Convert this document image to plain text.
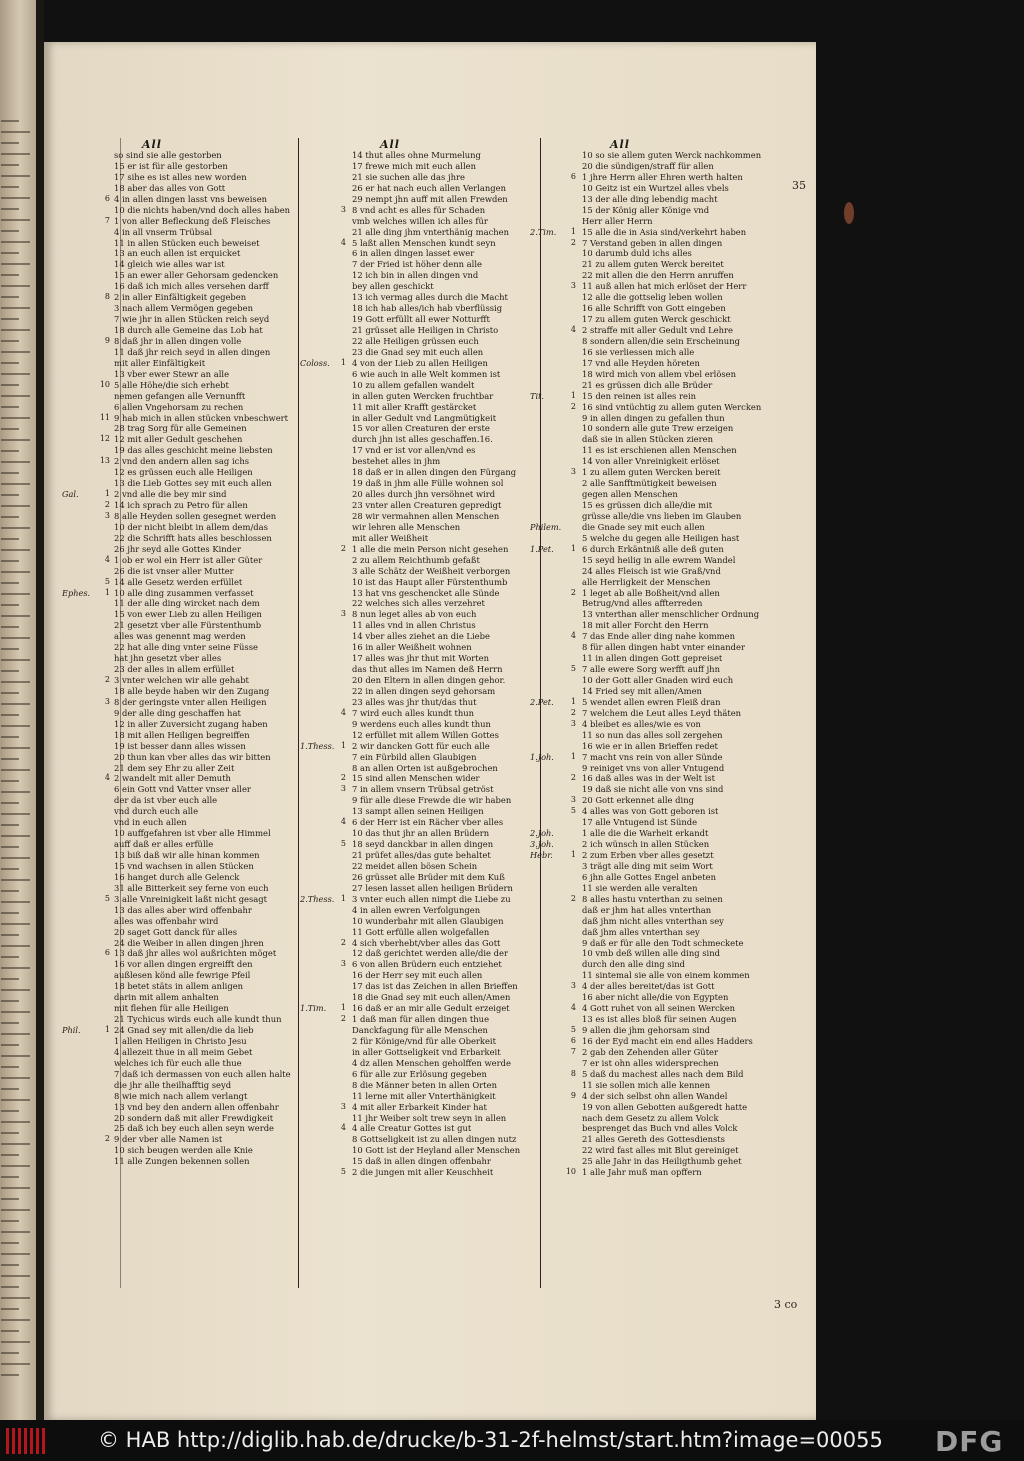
35
3 co
All
so sind sie alle gestorben
15 er ist für alle gestorben
17 sihe es ist alles new worden
18 aber das alles von Gott
6 4 in allen dingen lasst vns beweisen
10 die nichts haben/vnd doch alles haben
7 1 von aller Befleckung deß Fleisches
4 in all vnserm Trübsal
11 in allen Stücken euch beweiset
13 an euch allen ist erquicket
14 gleich wie alles war ist
15 an ewer aller Gehorsam gedencken
16 daß ich mich alles versehen darff
8 2 in aller Einfältigkeit gegeben
3 nach allem Vermögen gegeben
7 wie jhr in allen Stücken reich seyd
18 durch alle Gemeine das Lob hat
9 8 daß jhr in allen dingen volle
11 daß jhr reich seyd in allen dingen
mit aller Einfältigkeit
13 vber ewer Stewr an alle
10 5 alle Höhe/die sich erhebt
nemen gefangen alle Vernunfft
6 allen Vngehorsam zu rechen
11 9 hab mich in allen stücken vnbeschwert
28 trag Sorg für alle Gemeinen
12 12 mit aller Gedult geschehen
19 das alles geschicht meine liebsten
13 2 vnd den andern allen sag ichs
12 es grüssen euch alle Heiligen
13 die Lieb Gottes sey mit euch allen
Gal.	1 2 vnd alle die bey mir sind
2 14 ich sprach zu Petro für allen
3 8 alle Heyden sollen gesegnet werden
10 der nicht bleibt in allem dem/das
22 die Schrifft hats alles beschlossen
26 jhr seyd alle Gottes Kinder
4 1 ob er wol ein Herr ist aller Güter
26 die ist vnser aller Mutter
5 14 alle Gesetz werden erfüllet
Ephes.	1 10 alle ding zusammen verfasset
11 der alle ding wircket nach dem
15 von ewer Lieb zu allen Heiligen
21 gesetzt vber alle Fürstenthumb
alles was genennt mag werden
22 hat alle ding vnter seine Füsse
hat jhn gesetzt vber alles
23 der alles in allem erfüllet
2 3 vnter welchen wir alle gehabt
18 alle beyde haben wir den Zugang
3 8 der geringste vnter allen Heiligen
9 der alle ding geschaffen hat
12 in aller Zuversicht zugang haben
18 mit allen Heiligen begreiffen
19 ist besser dann alles wissen
20 thun kan vber alles das wir bitten
21 dem sey Ehr zu aller Zeit
4 2 wandelt mit aller Demuth
6 ein Gott vnd Vatter vnser aller
der da ist vber euch alle
vnd durch euch alle
vnd in euch allen
10 auffgefahren ist vber alle Himmel
auff daß er alles erfülle
13 biß daß wir alle hinan kommen
15 vnd wachsen in allen Stücken
16 hanget durch alle Gelenck
31 alle Bitterkeit sey ferne von euch
5 3 alle Vnreinigkeit laßt nicht gesagt
13 das alles aber wird offenbahr
alles was offenbahr wird
20 saget Gott danck für alles
24 die Weiber in allen dingen jhren
6 13 daß jhr alles wol außrichten möget
16 vor allen dingen ergreifft den
außlesen könd alle fewrige Pfeil
18 betet stäts in allem anligen
darin mit allem anhalten
mit flehen für alle Heiligen
21 Tychicus wirds euch alle kundt thun
Phil.	1 24 Gnad sey mit allen/die da lieb
1 allen Heiligen in Christo Jesu
4 allezeit thue in all meim Gebet
welches ich für euch alle thue
7 daß ich dermassen von euch allen halte
die jhr alle theilhafftig seyd
8 wie mich nach allem verlangt
13 vnd bey den andern allen offenbahr
20 sondern daß mit aller Frewdigkeit
25 daß ich bey euch allen seyn werde
2 9 der vber alle Namen ist
10 sich beugen werden alle Knie
11 alle Zungen bekennen sollen
All
14 thut alles ohne Murmelung
17 frewe mich mit euch allen
21 sie suchen alle das jhre
26 er hat nach euch allen Verlangen
29 nempt jhn auff mit allen Frewden
3 8 vnd acht es alles für Schaden
vmb welches willen ich alles für
21 alle ding jhm vnterthänig machen
4 5 laßt allen Menschen kundt seyn
6 in allen dingen lasset ewer
7 der Fried ist höher denn alle
12 ich bin in allen dingen vnd
bey allen geschickt
13 ich vermag alles durch die Macht
18 ich hab alles/ich hab vberflüssig
19 Gott erfüllt all ewer Notturfft
21 grüsset alle Heiligen in Christo
22 alle Heiligen grüssen euch
23 die Gnad sey mit euch allen
Coloss.	1 4 von der Lieb zu allen Heiligen
6 wie auch in alle Welt kommen ist
10 zu allem gefallen wandelt
in allen guten Wercken fruchtbar
11 mit aller Krafft gestärcket
in aller Gedult vnd Langmütigkeit
15 vor allen Creaturen der erste
durch jhn ist alles geschaffen.16.
17 vnd er ist vor allen/vnd es
bestehet alles in jhm
18 daß er in allen dingen den Fürgang
19 daß in jhm alle Fülle wohnen sol
20 alles durch jhn versöhnet wird
23 vnter allen Creaturen gepredigt
28 wir vermahnen allen Menschen
wir lehren alle Menschen
mit aller Weißheit
2 1 alle die mein Person nicht gesehen
2 zu allem Reichthumb gefaßt
3 alle Schätz der Weißheit verborgen
10 ist das Haupt aller Fürstenthumb
13 hat vns geschencket alle Sünde
22 welches sich alles verzehret
3 8 nun leget alles ab von euch
11 alles vnd in allen Christus
14 vber alles ziehet an die Liebe
16 in aller Weißheit wohnen
17 alles was jhr thut mit Worten
das thut alles im Namen deß Herrn
20 den Eltern in allen dingen gehor.
22 in allen dingen seyd gehorsam
23 alles was jhr thut/das thut
4 7 wird euch alles kundt thun
9 werdens euch alles kundt thun
12 erfüllet mit allem Willen Gottes
1.Thess. 1 2 wir dancken Gott für euch alle
7 ein Fürbild allen Glaubigen
8 an allen Orten ist außgebrochen
2 15 sind allen Menschen wider
3 7 in allem vnsern Trübsal getröst
9 für alle diese Frewde die wir haben
13 sampt allen seinen Heiligen
4 6 der Herr ist ein Rächer vber alles
10 das thut jhr an allen Brüdern
5 18 seyd danckbar in allen dingen
21 prüfet alles/das gute behaltet
22 meidet allen bösen Schein
26 grüsset alle Brüder mit dem Kuß
27 lesen lasset allen heiligen Brüdern
2.Thess. 1 3 vnter euch allen nimpt die Liebe zu
4 in allen ewren Verfolgungen
10 wunderbahr mit allen Glaubigen
11 Gott erfülle allen wolgefallen
2 4 sich vberhebt/vber alles das Gott
12 daß gerichtet werden alle/die der
3 6 von allen Brüdern euch entziehet
16 der Herr sey mit euch allen
17 das ist das Zeichen in allen Brieffen
18 die Gnad sey mit euch allen/Amen
1.Tim.	1 16 daß er an mir alle Gedult erzeiget
2 1 daß man für allen dingen thue
Danckfagung für alle Menschen
2 für Könige/vnd für alle Oberkeit
in aller Gottseligkeit vnd Erbarkeit
4 dz allen Menschen geholffen werde
6 für alle zur Erlösung gegeben
8 die Männer beten in allen Orten
11 lerne mit aller Vnterthänigkeit
3 4 mit aller Erbarkeit Kinder hat
11 jhr Weiber solt trew seyn in allen
4 4 alle Creatur Gottes ist gut
8 Gottseligkeit ist zu allen dingen nutz
10 Gott ist der Heyland aller Menschen
15 daß in allen dingen offenbahr
5 2 die jungen mit aller Keuschheit
All
10 so sie allem guten Werck nachkommen
20 die sündigen/straff für allen
6 1 jhre Herrn aller Ehren werth halten
10 Geitz ist ein Wurtzel alles vbels
13 der alle ding lebendig macht
15 der König aller Könige vnd
Herr aller Herrn
2.Tim.	1 15 alle die in Asia sind/verkehrt haben
2 7 Verstand geben in allen dingen
10 darumb duld ichs alles
21 zu allem guten Werck bereitet
22 mit allen die den Herrn anruffen
3 11 auß allen hat mich erlöset der Herr
12 alle die gottselig leben wollen
16 alle Schrifft von Gott eingeben
17 zu allem guten Werck geschickt
4 2 straffe mit aller Gedult vnd Lehre
8 sondern allen/die sein Erscheinung
16 sie verliessen mich alle
17 vnd alle Heyden höreten
18 wird mich von allem vbel erlösen
21 es grüssen dich alle Brüder
Tit.	1 15 den reinen ist alles rein
2 16 sind vntüchtig zu allem guten Wercken
9 in allen dingen zu gefallen thun
10 sondern alle gute Trew erzeigen
daß sie in allen Stücken zieren
11 es ist erschienen allen Menschen
14 von aller Vnreinigkeit erlöset
3 1 zu allem guten Wercken bereit
2 alle Sanfftmütigkeit beweisen
gegen allen Menschen
15 es grüssen dich alle/die mit
grüsse alle/die vns lieben im Glauben
Philem.	die Gnade sey mit euch allen
5 welche du gegen alle Heiligen hast
1.Pet.	1 6 durch Erkäntniß alle deß guten
15 seyd heilig in alle ewrem Wandel
24 alles Fleisch ist wie Graß/vnd
alle Herrligkeit der Menschen
2 1 leget ab alle Boßheit/vnd allen
Betrug/vnd alles affterreden
13 vnterthan aller menschlicher Ordnung
18 mit aller Forcht den Herrn
4 7 das Ende aller ding nahe kommen
8 für allen dingen habt vnter einander
11 in allen dingen Gott gepreiset
5 7 alle ewere Sorg werfft auff jhn
10 der Gott aller Gnaden wird euch
14 Fried sey mit allen/Amen
2.Pet.	1 5 wendet allen ewren Fleiß dran
2 7 welchem die Leut alles Leyd thäten
3 4 bleibet es alles/wie es von
11 so nun das alles soll zergehen
16 wie er in allen Brieffen redet
1.Joh.	1 7 macht vns rein von aller Sünde
9 reiniget vns von aller Vntugend
2 16 daß alles was in der Welt ist
19 daß sie nicht alle von vns sind
3 20 Gott erkennet alle ding
5 4 alles was von Gott geboren ist
17 alle Vntugend ist Sünde
2.Joh.	1 alle die die Warheit erkandt
3.Joh.	2 ich wünsch in allen Stücken
Hebr.	1 2 zum Erben vber alles gesetzt
3 trägt alle ding mit seim Wort
6 jhn alle Gottes Engel anbeten
11 sie werden alle veralten
2 8 alles hastu vnterthan zu seinen
daß er jhm hat alles vnterthan
daß jhm nicht alles vnterthan sey
daß jhm alles vnterthan sey
9 daß er für alle den Todt schmeckete
10 vmb deß willen alle ding sind
durch den alle ding sind
11 sintemal sie alle von einem kommen
3 4 der alles bereitet/das ist Gott
16 aber nicht alle/die von Egypten
4 4 Gott ruhet von all seinen Wercken
13 es ist alles bloß für seinen Augen
5 9 allen die jhm gehorsam sind
6 16 der Eyd macht ein end alles Hadders
7 2 gab den Zehenden aller Güter
7 er ist ohn alles widersprechen
8 5 daß du machest alles nach dem Bild
11 sie sollen mich alle kennen
9 4 der sich selbst ohn allen Wandel
19 von allen Gebotten außgeredt hatte
nach dem Gesetz zu allem Volck
besprenget das Buch vnd alles Volck
21 alles Gereth des Gottesdiensts
22 wird fast alles mit Blut gereiniget
25 alle Jahr in das Heiligthumb gehet
10 1 alle Jahr muß man opffern
© HAB http://diglib.hab.de/drucke/b-31-2f-helmst/start.htm?image=00055 DFG
